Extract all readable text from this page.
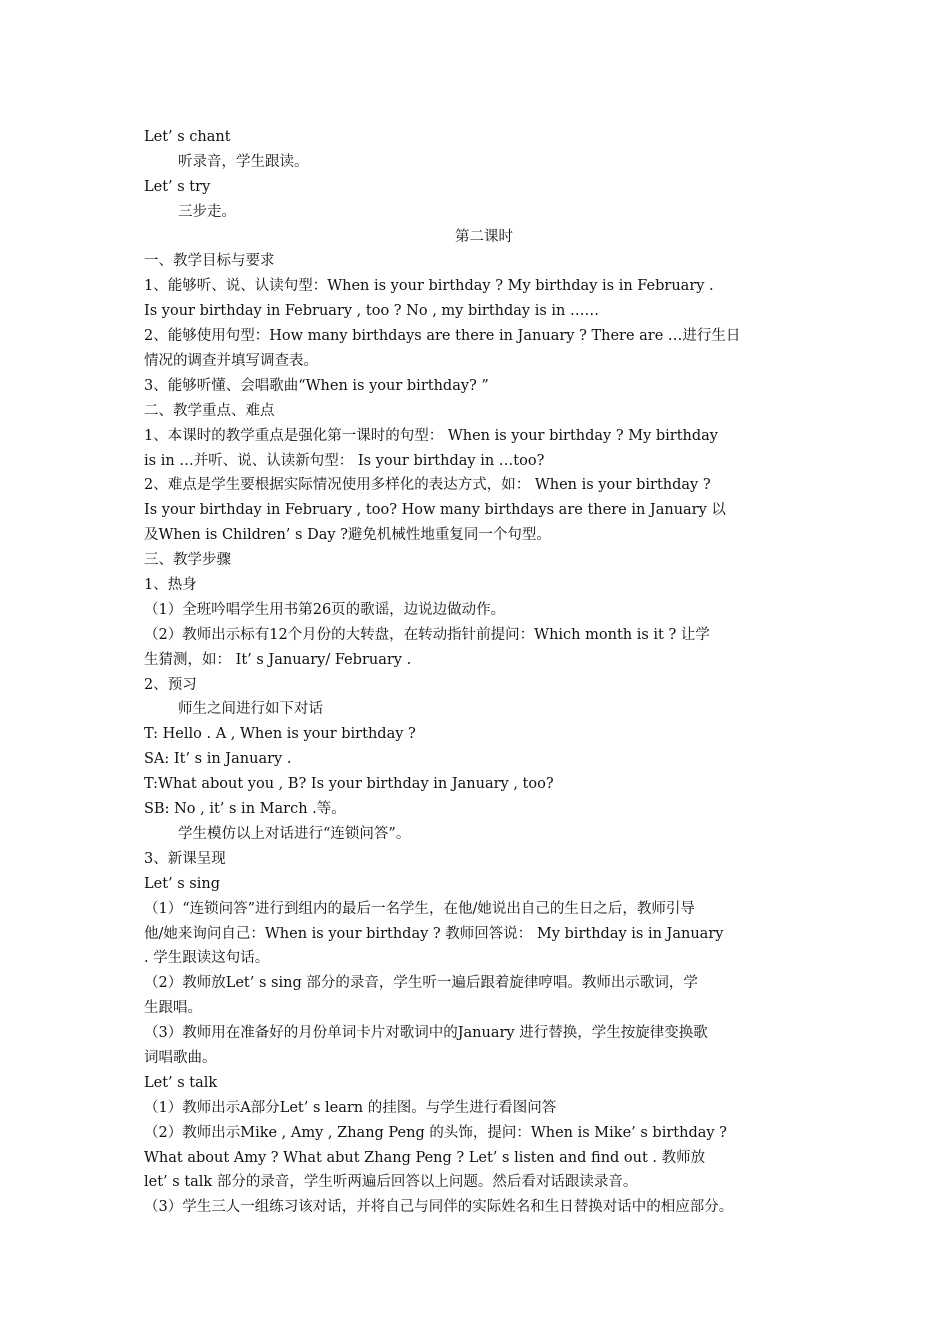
Let’ s chant
听录音，学生跟读。
Let’ s try
三步走。
第二课时
一、教学目标与要求
1、能够听、说、认读句型：When is your birthday ? My birthday is in February .
Is your birthday in February , too ? No , my birthday is in ……
2、能够使用句型：How many birthdays are there in January ? There are …进行生日
情况的调查并填写调查表。
3、能够听懂、会唱歌曲“When is your birthday? ”
二、教学重点、难点
1、本课时的教学重点是强化第一课时的句型： When is your birthday ? My birthday
is in …并听、说、认读新句型： Is your birthday in …too?
2、难点是学生要根据实际情况使用多样化的表达方式，如： When is your birthday ?
Is your birthday in February , too? How many birthdays are there in January 以
及When is Children’ s Day ?避免机械性地重复同一个句型。
三、教学步骤
1、热身
（1）全班吟唱学生用书第26页的歌谣，边说边做动作。
（2）教师出示标有12个月份的大转盘，在转动指针前提问：Which month is it ? 让学
生猜测，如： It’ s January/ February .
2、预习
师生之间进行如下对话
T: Hello . A , When is your birthday ?
SA: It’ s in January .
T:What about you , B? Is your birthday in January , too?
SB: No , it’ s in March .等。
学生模仿以上对话进行“连锁问答”。
3、新课呈现
Let’ s sing
（1）“连锁问答”进行到组内的最后一名学生，在他/她说出自己的生日之后，教师引导
他/她来询问自己：When is your birthday ? 教师回答说： My birthday is in January
. 学生跟读这句话。
（2）教师放Let’ s sing 部分的录音，学生听一遍后跟着旋律哼唱。教师出示歌词，学
生跟唱。
（3）教师用在准备好的月份单词卡片对歌词中的January 进行替换，学生按旋律变换歌
词唱歌曲。
Let’ s talk
（1）教师出示A部分Let’ s learn 的挂图。与学生进行看图问答
（2）教师出示Mike , Amy , Zhang Peng 的头饰，提问：When is Mike’ s birthday ?
What about Amy ? What abut Zhang Peng ? Let’ s listen and find out . 教师放
let’ s talk 部分的录音，学生听两遍后回答以上问题。然后看对话跟读录音。
（3）学生三人一组练习该对话，并将自己与同伴的实际姓名和生日替换对话中的相应部分。
